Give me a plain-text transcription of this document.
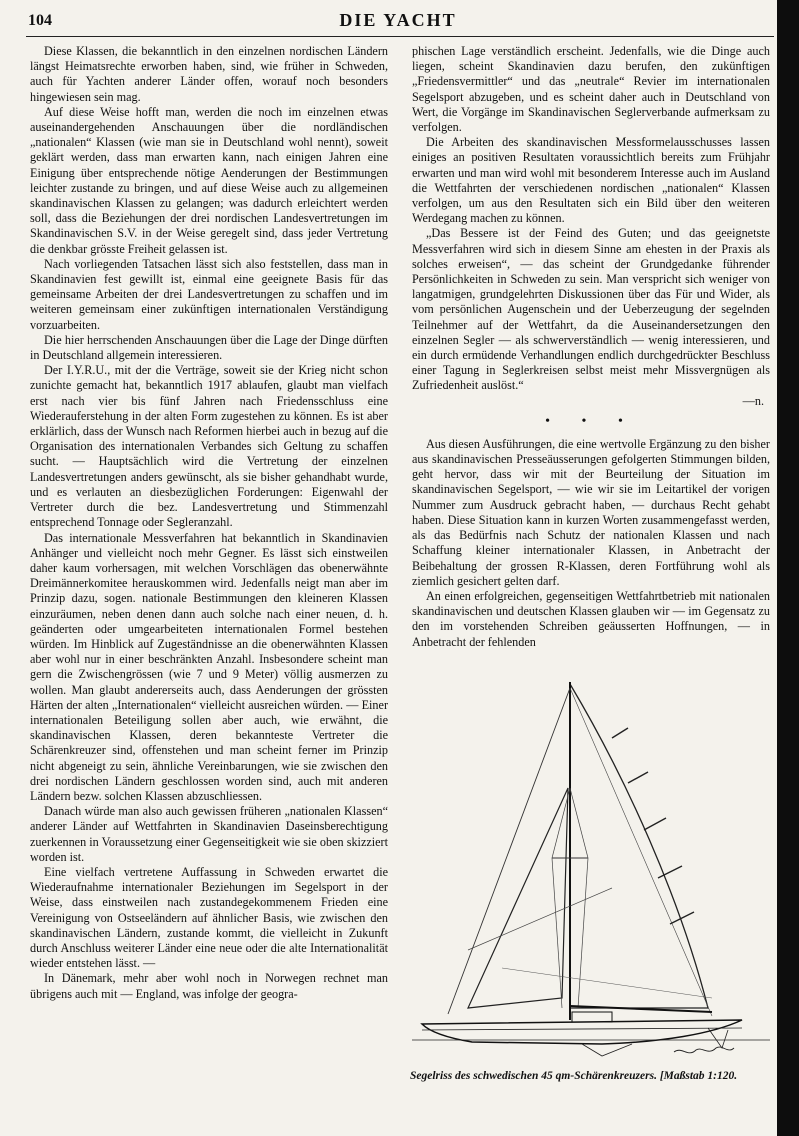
104	DIE YACHT

Diese Klassen, die bekanntlich in den einzelnen nordischen Ländern längst Heimatsrechte erworben haben, sind, wie früher in Schweden, auch für Yachten anderer Länder offen, worauf noch besonders hingewiesen sein mag.

Auf diese Weise hofft man, werden die noch im einzelnen etwas auseinandergehenden Anschauungen über die nordländischen „nationalen“ Klassen (wie man sie in Deutschland wohl nennt), soweit geklärt werden, dass man erwarten kann, nach einigen Jahren eine Einigung über entsprechende nötige Aenderungen der Bestimmungen leichter zustande zu bringen, und auf diese Weise auch zu allgemeinen skandinavischen Klassen zu gelangen; was dadurch erleichtert werden soll, dass die Beziehungen der drei nordischen Landesvertretungen im Skandinavischen S.V. in der Weise geregelt sind, dass jeder Vertretung die denkbar grösste Freiheit gelassen ist.

Nach vorliegenden Tatsachen lässt sich also feststellen, dass man in Skandinavien fest gewillt ist, einmal eine geeignete Basis für das gemeinsame Arbeiten der drei Landesvertretungen zu schaffen und im weiteren gemeinsam einer zukünftigen internationalen Verständigung vorzuarbeiten.

Die hier herrschenden Anschauungen über die Lage der Dinge dürften in Deutschland allgemein interessieren.

Der I.Y.R.U., mit der die Verträge, soweit sie der Krieg nicht schon zunichte gemacht hat, bekanntlich 1917 ablaufen, glaubt man vielfach erst nach vier bis fünf Jahren nach Friedensschluss eine Wiederauferstehung in der alten Form zugestehen zu können. Es ist aber erklärlich, dass der Wunsch nach Reformen hierbei auch in bezug auf die Organisation des internationalen Verbandes sich Geltung zu schaffen sucht. — Hauptsächlich wird die Vertretung der einzelnen Landesvertretungen anders gewünscht, als sie bisher gehandhabt wurde, und es verlauten an diesbezüglichen Forderungen: Eigenwahl der Vertreter durch die bez. Landesvertretung und Stimmenzahl entsprechend Tonnage oder Segleranzahl.

Das internationale Messverfahren hat bekanntlich in Skandinavien Anhänger und vielleicht noch mehr Gegner. Es lässt sich einstweilen daher kaum vorhersagen, mit welchen Vorschlägen das obenerwähnte Dreimännerkomitee herauskommen wird. Jedenfalls neigt man aber im Prinzip dazu, sogen. nationale Bestimmungen den kleineren Klassen einzuräumen, neben denen dann auch solche nach einer neuen, d. h. geänderten oder umgearbeiteten internationalen Formel bestehen würden. Im Hinblick auf Zugeständnisse an die obenerwähnten Klassen aber wohl nur in einer beschränkten Anzahl. Insbesondere scheint man gern die Zwischengrössen (wie 7 und 9 Meter) völlig ausmerzen zu wollen. Man glaubt andererseits auch, dass Aenderungen der grössten Härten der alten „Internationalen“ vielleicht ausreichen würden. — Einer internationalen Beteiligung sollen aber auch, wie erwähnt, die skandinavischen Klassen, deren bekannteste Vertreter die Schärenkreuzer sind, offenstehen und man scheint ferner im Prinzip nicht abgeneigt zu sein, ähnliche Vereinbarungen, wie sie zwischen den drei nordischen Ländern geschlossen worden sind, auch mit anderen Ländern bezw. solchen Klassen abzuschliessen.

Danach würde man also auch gewissen früheren „nationalen Klassen“ anderer Länder auf Wettfahrten in Skandinavien Daseinsberechtigung zuerkennen in Voraussetzung einer Gegenseitigkeit wie sie oben skizziert worden ist.

Eine vielfach vertretene Auffassung in Schweden erwartet die Wiederaufnahme internationaler Beziehungen im Segelsport in der Weise, dass einstweilen nach zustandegekommenem Frieden eine Vereinigung von Ostseeländern auf ähnlicher Basis, wie zwischen den skandinavischen Ländern, zustande kommt, die vielleicht in Zukunft durch Anschluss weiterer Länder eine neue oder die alte Internationalität wieder entstehen lässt. —

In Dänemark, mehr aber wohl noch in Norwegen rechnet man übrigens auch mit — England, was infolge der geogra-

phischen Lage verständlich erscheint. Jedenfalls, wie die Dinge auch liegen, scheint Skandinavien dazu berufen, den zukünftigen „Friedensvermittler“ und das „neutrale“ Revier im internationalen Segelsport abzugeben, und es scheint daher auch in Deutschland von Wert, die Vorgänge im Skandinavischen Seglerverbande aufmerksam zu verfolgen.

Die Arbeiten des skandinavischen Messformelausschusses lassen einiges an positiven Resultaten voraussichtlich bereits zum Frühjahr erwarten und man wird wohl mit besonderem Interesse auch im Ausland die Wettfahrten der verschiedenen nordischen „nationalen“ Klassen verfolgen, um aus den Resultaten sich ein Bild über den weiteren Werdegang machen zu können.

„Das Bessere ist der Feind des Guten; und das geeignetste Messverfahren wird sich in diesem Sinne am ehesten in der Praxis als solches erweisen“, — das scheint der Grundgedanke führender Persönlichkeiten in Schweden zu sein. Man verspricht sich weniger von langatmigen, grundgelehrten Diskussionen über das Für und Wider, als vom persönlichen Augenschein und der Ueberzeugung der segelnden Teilnehmer auf der Wettfahrt, da die Auseinandersetzungen den einzelnen Segler — als schwerverständlich — wenig interessieren, und ein durch ermüdende Verhandlungen endlich durchgedrückter Beschluss einer Tagung in Seglerkreisen selbst meist mehr Missvergnügen als Zufriedenheit auslöst.“

—n.
• • •

Aus diesen Ausführungen, die eine wertvolle Ergänzung zu den bisher aus skandinavischen Presseäusserungen gefolgerten Stimmungen bilden, geht hervor, dass wir mit der Beurteilung der Situation im skandinavischen Segelsport, — wie wir sie im Leitartikel der vorigen Nummer zum Ausdruck gebracht haben, — durchaus Recht gehabt haben. Diese Situation kann in kurzen Worten zusammengefasst werden, als das Bedürfnis nach Schutz der nationalen Klassen und nach Schaffung kleiner internationaler Klassen, in Anbetracht der Beibehaltung der grossen R-Klassen, deren Fortführung wohl als ziemlich gesichert gelten darf.

An einen erfolgreichen, gegenseitigen Wettfahrtbetrieb mit nationalen skandinavischen und deutschen Klassen glauben wir — im Gegensatz zu den im vorstehenden Schreiben geäusserten Hoffnungen, — in Anbetracht der fehlenden

Segelriss des schwedischen 45 qm-Schärenkreuzers. [Maßstab 1:120.
